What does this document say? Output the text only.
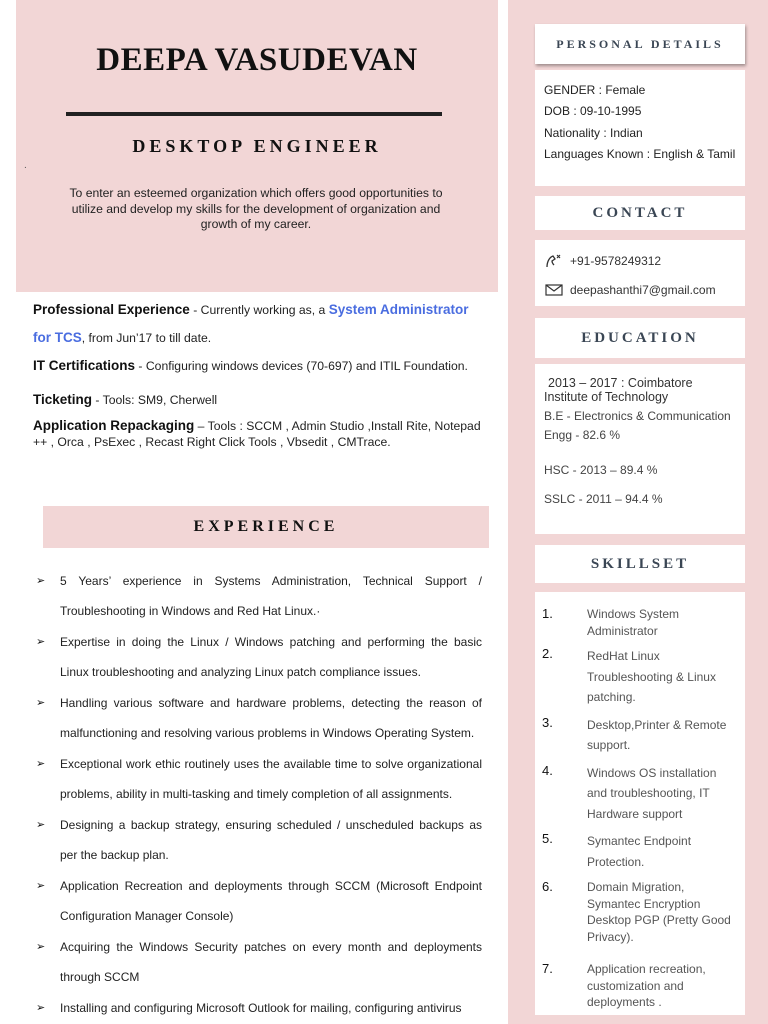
DEEPA VASUDEVAN
DESKTOP ENGINEER
.
To enter an esteemed organization which offers good opportunities to utilize and develop my skills for the development of organization and growth of my career.
Professional Experience - Currently working as, a System Administrator for TCS, from Jun’17 to till date.
IT Certifications - Configuring windows devices (70-697) and ITIL Foundation.
Ticketing - Tools: SM9, Cherwell
Application Repackaging – Tools : SCCM , Admin Studio ,Install Rite, Notepad ++ , Orca , PsExec , Recast Right Click Tools , Vbsedit , CMTrace.
EXPERIENCE
➢ 5 Years’ experience in Systems Administration, Technical Support / Troubleshooting in Windows and Red Hat Linux.·
➢ Expertise in doing the Linux / Windows patching and performing the basic Linux troubleshooting and analyzing Linux patch compliance issues.
➢ Handling various software and hardware problems, detecting the reason of malfunctioning and resolving various problems in Windows Operating System.
➢ Exceptional work ethic routinely uses the available time to solve organizational problems, ability in multi-tasking and timely completion of all assignments.
➢ Designing a backup strategy, ensuring scheduled / unscheduled backups as per the backup plan.
➢ Application Recreation and deployments through SCCM (Microsoft Endpoint Configuration Manager Console)
➢ Acquiring the Windows Security patches on every month and deployments through SCCM
➢ Installing and configuring Microsoft Outlook for mailing, configuring antivirus
PERSONAL DETAILS
GENDER : Female
DOB : 09-10-1995
Nationality : Indian
Languages Known : English & Tamil
CONTACT
+91-9578249312
deepashanthi7@gmail.com
EDUCATION
2013 – 2017 : Coimbatore
Institute of Technology
B.E - Electronics & Communication Engg - 82.6 %
HSC - 2013 – 89.4 %
SSLC - 2011 – 94.4 %
SKILLSET
1.	Windows System Administrator
2.	RedHat Linux Troubleshooting & Linux patching.
3.	Desktop,Printer & Remote support.
4.	Windows OS installation and troubleshooting, IT Hardware support
5.	Symantec Endpoint Protection.
6.	Domain Migration, Symantec Encryption Desktop PGP (Pretty Good Privacy).
7.	Application recreation, customization and deployments .
